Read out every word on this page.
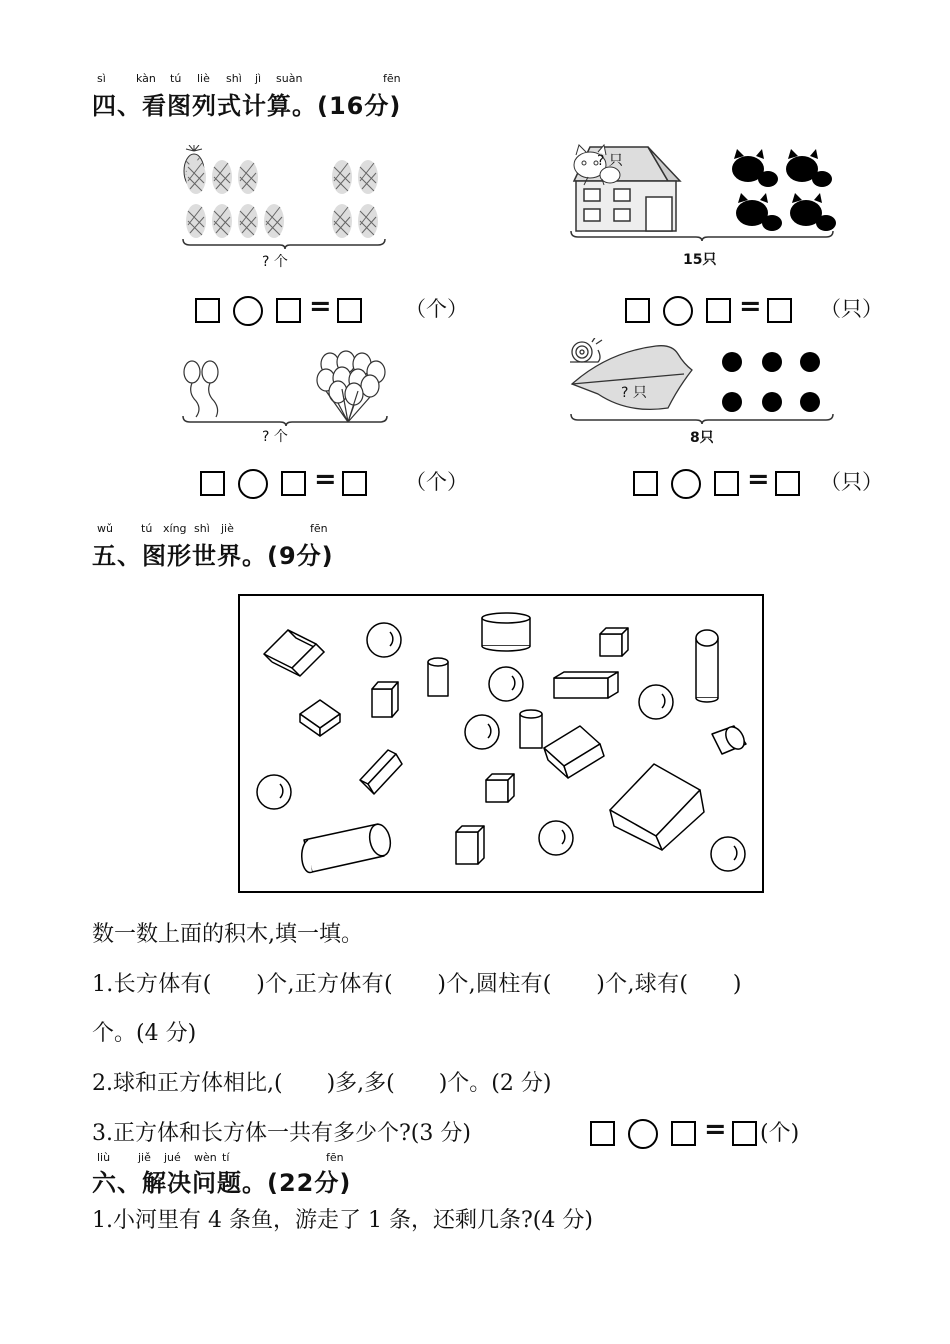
sì	kàn tú liè shì jì suàn	fēn
四、看图列式计算。(16分)
? 个
? 只
15只
=	（个）	=	（只）
? 个
? 只
8只
=	（个）	= （只）
wǔ	tú xíng shì jiè	fēn
五、图形世界。(9分)
数一数上面的积木,填一填。
1.长方体有(　　)个,正方体有(　　)个,圆柱有(　　)个,球有(　　)
个。(4 分)
2.球和正方体相比,(　　)多,多(　　)个。(2 分)
3.正方体和长方体一共有多少个?(3 分)	= (个)
liù	jiě jué wèn tí	fēn
六、解决问题。(22分)
1.小河里有 4 条鱼，游走了 1 条，还剩几条?(4 分)
